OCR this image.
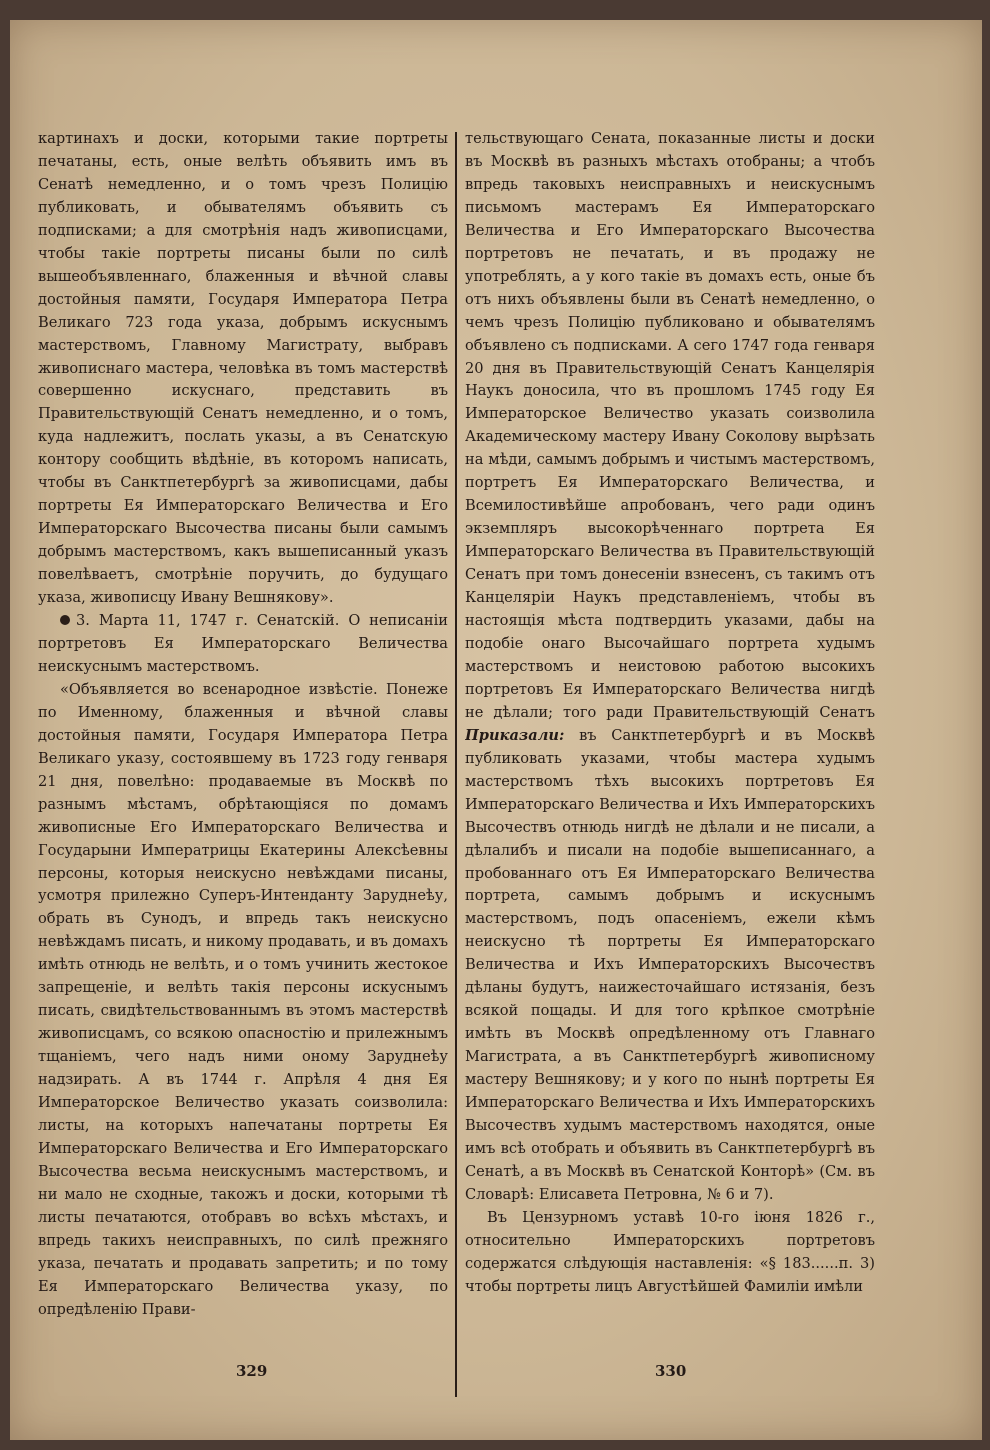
картинахъ и доски, которыми такие портреты печатаны, есть, оные велѣть объявить имъ въ Сенатѣ немедленно, и о томъ чрезъ Полицію публиковать, и обывателямъ объявить съ подписками; а для смотрѣнія надъ живописцами, чтобы такіе портреты писаны были по силѣ вышеобъявленнаго, блаженныя и вѣчной славы достойныя памяти, Государя Императора Петра Великаго 723 года указа, добрымъ искуснымъ мастерствомъ, Главному Магистрату, выбравъ живописнаго мастера, человѣка въ томъ мастерствѣ совершенно искуснаго, представить въ Правительствующій Сенатъ немедленно, и о томъ, куда надлежитъ, послать указы, а въ Сенатскую контору сообщить вѣдѣніе, въ которомъ написать, чтобы въ Санктпетербургѣ за живописцами, дабы портреты Ея Императорскаго Величества и Его Императорскаго Высочества писаны были самымъ добрымъ мастерствомъ, какъ вышеписанный указъ повелѣваетъ, смотрѣніе поручить, до будущаго указа, живописцу Ивану Вешнякову».

3. Марта 11, 1747 г. Сенатскій. О неписаніи портретовъ Ея Императорскаго Величества неискуснымъ мастерствомъ.

«Объявляется во всенародное извѣстіе. Понеже по Именному, блаженныя и вѣчной славы достойныя памяти, Государя Императора Петра Великаго указу, состоявшему въ 1723 году генваря 21 дня, повелѣно: продаваемые въ Москвѣ по разнымъ мѣстамъ, обрѣтающіяся по домамъ живописные Его Императорскаго Величества и Государыни Императрицы Екатерины Алексѣевны персоны, которыя неискусно невѣждами писаны, усмотря прилежно Суперъ-Интенданту Заруднеѣу, обрать въ Сунодъ, и впредь такъ неискусно невѣждамъ писать, и никому продавать, и въ домахъ имѣть отнюдь не велѣть, и о томъ учинить жестокое запрещеніе, и велѣть такія персоны искуснымъ писать, свидѣтельствованнымъ въ этомъ мастерствѣ живописцамъ, со всякою опасностію и прилежнымъ тщаніемъ, чего надъ ними оному Заруднеѣу надзирать. А въ 1744 г. Апрѣля 4 дня Ея Императорское Величество указать соизволила: листы, на которыхъ напечатаны портреты Ея Императорскаго Величества и Его Императорскаго Высочества весьма неискуснымъ мастерствомъ, и ни мало не сходные, такожъ и доски, которыми тѣ листы печатаются, отобравъ во всѣхъ мѣстахъ, и впредь такихъ неисправныхъ, по силѣ прежняго указа, печатать и продавать запретить; и по тому Ея Императорскаго Величества указу, по опредѣленію Прави-

тельствующаго Сената, показанные листы и доски въ Москвѣ въ разныхъ мѣстахъ отобраны; а чтобъ впредь таковыхъ неисправныхъ и неискуснымъ письмомъ мастерамъ Ея Императорскаго Величества и Его Императорскаго Высочества портретовъ не печатать, и въ продажу не употреблять, а у кого такіе въ домахъ есть, оные бъ отъ нихъ объявлены были въ Сенатѣ немедленно, о чемъ чрезъ Полицію публиковано и обывателямъ объявлено съ подписками. А сего 1747 года генваря 20 дня въ Правительствующій Сенатъ Канцелярія Наукъ доносила, что въ прошломъ 1745 году Ея Императорское Величество указать соизволила Академическому мастеру Ивану Соколову вырѣзать на мѣди, самымъ добрымъ и чистымъ мастерствомъ, портретъ Ея Императорскаго Величества, и Всемилостивѣйше апробованъ, чего ради одинъ экземпляръ высокорѣченнаго портрета Ея Императорскаго Величества въ Правительствующій Сенатъ при томъ донесеніи взнесенъ, съ такимъ отъ Канцеляріи Наукъ представленіемъ, чтобы въ настоящія мѣста подтвердить указами, дабы на подобіе онаго Высочайшаго портрета худымъ мастерствомъ и неистовою работою высокихъ портретовъ Ея Императорскаго Величества нигдѣ не дѣлали; того ради Правительствующій Сенатъ Приказали: въ Санктпетербургѣ и въ Москвѣ публиковать указами, чтобы мастера худымъ мастерствомъ тѣхъ высокихъ портретовъ Ея Императорскаго Величества и Ихъ Императорскихъ Высочествъ отнюдь нигдѣ не дѣлали и не писали, а дѣлалибъ и писали на подобіе вышеписаннаго, а пробованнаго отъ Ея Императорскаго Величества портрета, самымъ добрымъ и искуснымъ мастерствомъ, подъ опасеніемъ, ежели кѣмъ неискусно тѣ портреты Ея Императорскаго Величества и Ихъ Императорскихъ Высочествъ дѣланы будутъ, наижесточайшаго истязанія, безъ всякой пощады. И для того крѣпкое смотрѣніе имѣть въ Москвѣ опредѣленному отъ Главнаго Магистрата, а въ Санктпетербургѣ живописному мастеру Вешнякову; и у кого по нынѣ портреты Ея Императорскаго Величества и Ихъ Императорскихъ Высочествъ худымъ мастерствомъ находятся, оные имъ всѣ отобрать и объявить въ Санктпетербургѣ въ Сенатѣ, а въ Москвѣ въ Сенатской Конторѣ» (См. въ Словарѣ: Елисавета Петровна, № 6 и 7).

Въ Цензурномъ уставѣ 10-го іюня 1826 г., относительно Императорскихъ портретовъ содержатся слѣдующія наставленія: «§ 183......п. 3) чтобы портреты лицъ Августѣйшей Фамиліи имѣли

329	330
